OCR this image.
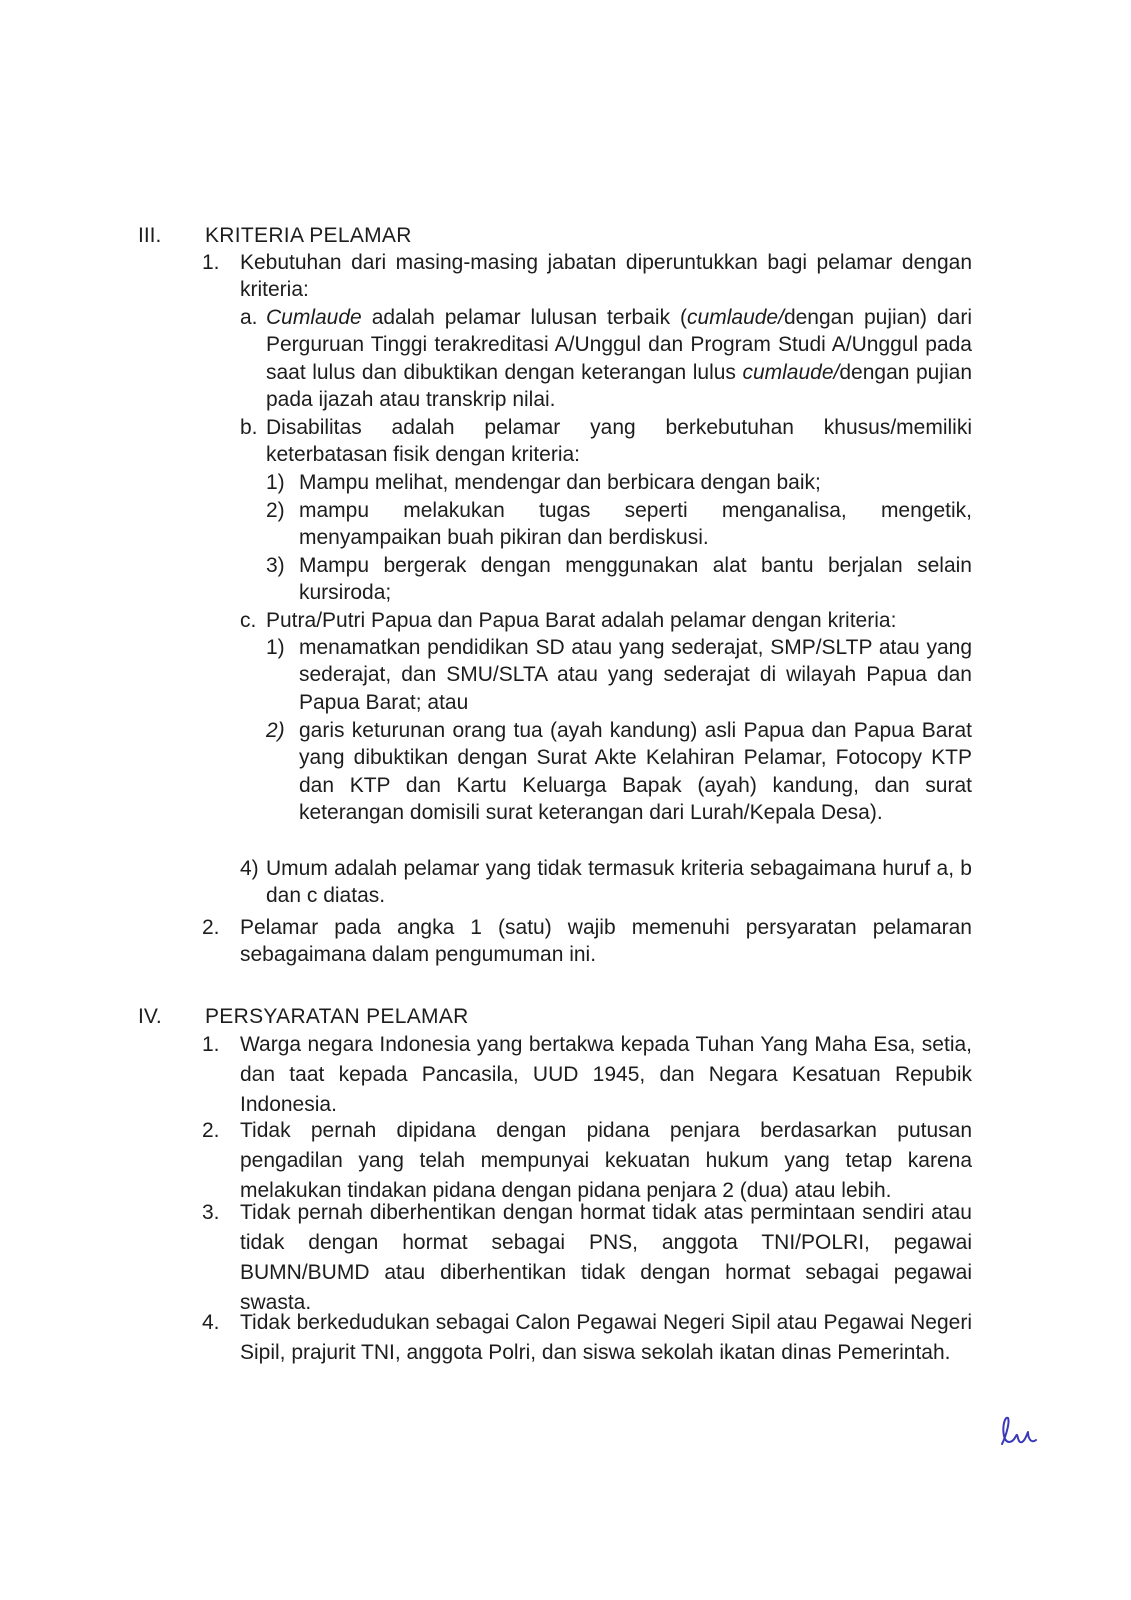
III. KRITERIA PELAMAR
1. Kebutuhan dari masing-masing jabatan diperuntukkan bagi pelamar dengan kriteria:
a. Cumlaude adalah pelamar lulusan terbaik (cumlaude/dengan pujian) dari Perguruan Tinggi terakreditasi A/Unggul dan Program Studi A/Unggul pada saat lulus dan dibuktikan dengan keterangan lulus cumlaude/dengan pujian pada ijazah atau transkrip nilai.
b. Disabilitas adalah pelamar yang berkebutuhan khusus/memiliki keterbatasan fisik dengan kriteria:
1) Mampu melihat, mendengar dan berbicara dengan baik;
2) mampu melakukan tugas seperti menganalisa, mengetik, menyampaikan buah pikiran dan berdiskusi.
3) Mampu bergerak dengan menggunakan alat bantu berjalan selain kursiroda;
c. Putra/Putri Papua dan Papua Barat adalah pelamar dengan kriteria:
1) menamatkan pendidikan SD atau yang sederajat, SMP/SLTP atau yang sederajat, dan SMU/SLTA atau yang sederajat di wilayah Papua dan Papua Barat; atau
2) garis keturunan orang tua (ayah kandung) asli Papua dan Papua Barat yang dibuktikan dengan Surat Akte Kelahiran Pelamar, Fotocopy KTP dan KTP dan Kartu Keluarga Bapak (ayah) kandung, dan surat keterangan domisili surat keterangan dari Lurah/Kepala Desa).
4) Umum adalah pelamar yang tidak termasuk kriteria sebagaimana huruf a, b dan c diatas.
2. Pelamar pada angka 1 (satu) wajib memenuhi persyaratan pelamaran sebagaimana dalam pengumuman ini.
IV. PERSYARATAN PELAMAR
1. Warga negara Indonesia yang bertakwa kepada Tuhan Yang Maha Esa, setia, dan taat kepada Pancasila, UUD 1945, dan Negara Kesatuan Repubik Indonesia.
2. Tidak pernah dipidana dengan pidana penjara berdasarkan putusan pengadilan yang telah mempunyai kekuatan hukum yang tetap karena melakukan tindakan pidana dengan pidana penjara 2 (dua) atau lebih.
3. Tidak pernah diberhentikan dengan hormat tidak atas permintaan sendiri atau tidak dengan hormat sebagai PNS, anggota TNI/POLRI, pegawai BUMN/BUMD atau diberhentikan tidak dengan hormat sebagai pegawai swasta.
4. Tidak berkedudukan sebagai Calon Pegawai Negeri Sipil atau Pegawai Negeri Sipil, prajurit TNI, anggota Polri, dan siswa sekolah ikatan dinas Pemerintah.
